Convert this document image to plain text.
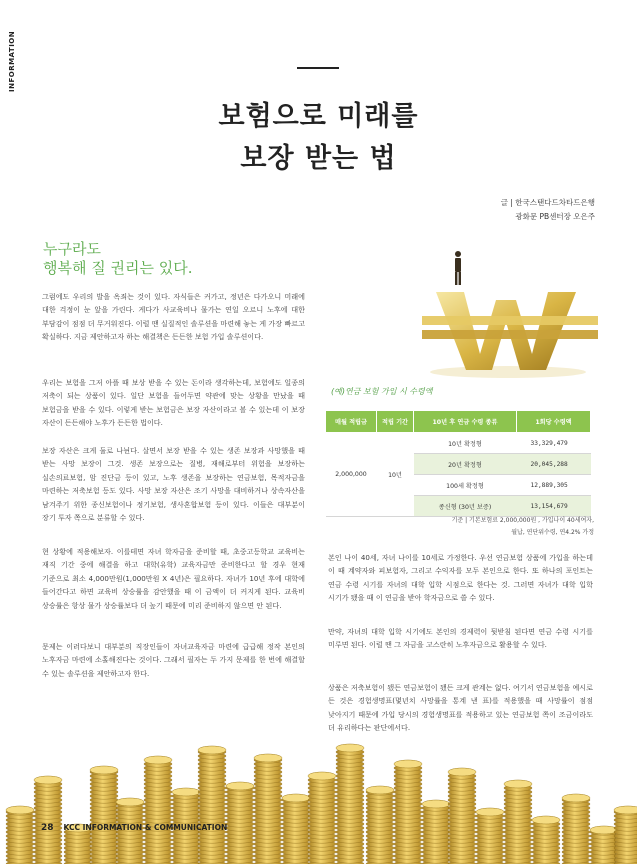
INFORMATION
보험으로 미래를
보장 받는 법
글 | 한국스탠다드차타드은행
광화문 PB센터장 오은주
누구라도
행복해 질 권리는 있다.
그럼에도 우리의 발을 옥죄는 것이 있다. 자식들은 커가고, 정년은 다가오니 미래에 대한 걱정이 눈 앞을 가린다. 게다가 사교육비나 물가는 연일 오르니 노후에 대한 부담감이 점점 더 무거워진다. 이럴 땐 실질적인 솔루션을 마련해 놓는 게 가장 빠르고 확실하다. 지금 제안하고자 하는 해결책은 든든한 보험 가입 솔루션이다.
우리는 보험을 그저 아플 때 보상 받을 수 있는 돈이라 생각하는데, 보험에도 일종의 저축이 되는 상품이 있다. 일단 보험을 들어두면 약관에 맞는 상황을 만났을 때 보험금을 받을 수 있다. 이렇게 받는 보험금은 보장 자산이라고 볼 수 있는데 이 보장 자산이 든든해야 노후가 든든한 법이다.
보장 자산은 크게 둘로 나뉜다. 살면서 보장 받을 수 있는 생존 보장과 사망했을 때 받는 사망 보장이 그것. 생존 보장으로는 질병, 재해로부터 위험을 보장하는 실손의료보험, 암 진단금 등이 있고, 노후 생존을 보장하는 연금보험, 목적자금을 마련하는 저축보험 등도 있다. 사망 보장 자산은 조기 사망을 대비하거나 상속자산을 남겨주기 위한 종신보험이나 정기보험, 생사혼합보험 등이 있다. 이들은 대부분이 장기 투자 쪽으로 분류할 수 있다.
현 상황에 적용해보자. 이를테면 자녀 학자금을 준비할 때, 초중고등학교 교육비는 재직 기간 중에 해결을 하고 대학(유학) 교육자금만 준비한다고 할 경우 현재 기준으로 최소 4,000만원(1,000만원 X 4년)은 필요하다. 자녀가 10년 후에 대학에 들어간다고 하면 교육비 상승률을 감안했을 때 이 금액이 더 커지게 된다. 교육비 상승률은 항상 물가 상승률보다 더 높기 때문에 미리 준비하지 않으면 안 된다.
문제는 이러다보니 대부분의 직장인들이 자녀교육자금 마련에 급급해 정작 본인의 노후자금 마련에 소홀해진다는 것이다. 그래서 필자는 두 가지 문제를 한 번에 해결할 수 있는 솔루션을 제안하고자 한다.
(예)연금 보험 가입 시 수령액
매월 적립금	적립 기간	10년 후 연금 수령 종류	1회당 수령액
2,000,000	10년	10년 확정형	33,329,479
		20년 확정형	20,045,288
		100세 확정형	12,889,305
		종신형 (30년 보증)	13,154,679
기준 | 기본보험료 2,000,000원 , 가입나이 40세여자,
월납, 연단위수령, 연4.2% 가정
본인 나이 40세, 자녀 나이를 10세로 가정한다. 우선 연금보험 상품에 가입을 하는데 이 때 계약자와 피보험자, 그리고 수익자를 모두 본인으로 한다. 또 하나의 포인트는 연금 수령 시기를 자녀의 대학 입학 시점으로 한다는 것. 그러면 자녀가 대학 입학 시기가 됐을 때 이 연금을 받아 학자금으로 쓸 수 있다.
만약, 자녀의 대학 입학 시기에도 본인의 경제력이 뒷받침 된다면 연금 수령 시기를 미루면 된다. 이럴 땐 그 자금을 고스란히 노후자금으로 활용할 수 있다.
상품은 저축보험이 됐든 연금보험이 됐든 크게 관계는 없다. 여기서 연금보험을 예시로 든 것은 경험생명표(몇년치 사망률을 통계 낸 표)를 적용했을 때 사망률이 점점 낮아지기 때문에 가입 당시의 경험생명표를 적용하고 있는 연금보험 쪽이 조금이라도 더 유리하다는 판단에서다.
28 KCC INFORMATION & COMMUNICATION
